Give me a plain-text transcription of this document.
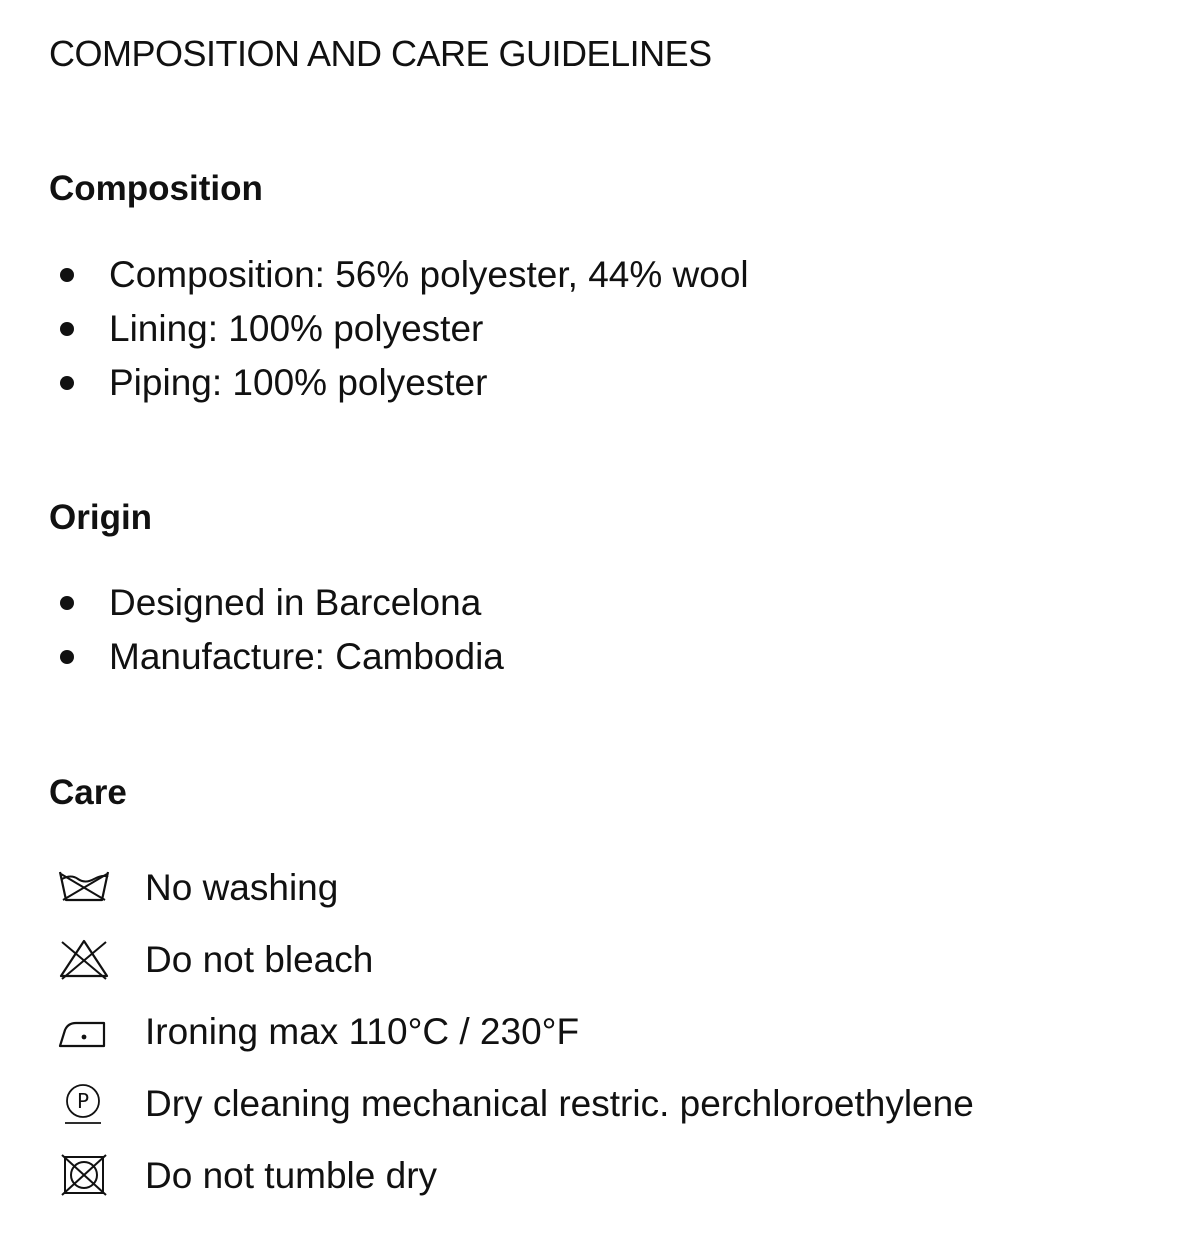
COMPOSITION AND CARE GUIDELINES
Composition
Composition: 56% polyester, 44% wool
Lining: 100% polyester
Piping: 100% polyester
Origin
Designed in Barcelona
Manufacture: Cambodia
Care
No washing
Do not bleach
Ironing max 110°C / 230°F
P Dry cleaning mechanical restric. perchloroethylene
Do not tumble dry
